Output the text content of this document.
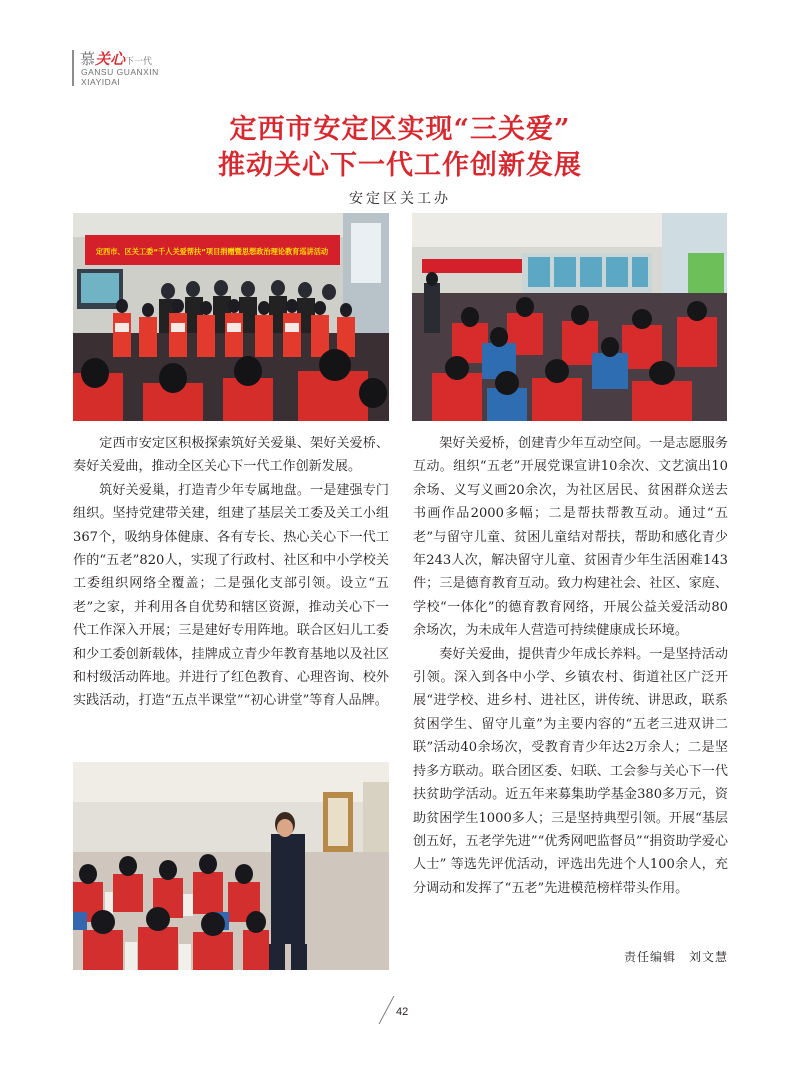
慕关心下一代
GANSU GUANXIN
XIAYIDAI
定西市安定区实现“三关爱”
推动关心下一代工作创新发展
安定区关工办
定西市、区关工委“千人关爱帮扶”项目捐赠暨思想政治理论教育巡讲活动

定西市安定区积极探索筑好关爱巢、架好关爱桥、奏好关爱曲，推动全区关心下一代工作创新发展。

筑好关爱巢，打造青少年专属地盘。一是建强专门组织。坚持党建带关建，组建了基层关工委及关工小组367个，吸纳身体健康、各有专长、热心关心下一代工作的“五老”820人，实现了行政村、社区和中小学校关工委组织网络全覆盖；二是强化支部引领。设立“五老”之家，并利用各自优势和辖区资源，推动关心下一代工作深入开展；三是建好专用阵地。联合区妇儿工委和少工委创新载体，挂牌成立青少年教育基地以及社区和村级活动阵地。并进行了红色教育、心理咨询、校外实践活动，打造“五点半课堂”“初心讲堂”等育人品牌。

架好关爱桥，创建青少年互动空间。一是志愿服务互动。组织“五老”开展党课宣讲10余次、文艺演出10余场、义写义画20余次，为社区居民、贫困群众送去书画作品2000多幅；二是帮扶帮教互动。通过“五老”与留守儿童、贫困儿童结对帮扶，帮助和感化青少年243人次，解决留守儿童、贫困青少年生活困难143件；三是德育教育互动。致力构建社会、社区、家庭、学校“一体化”的德育教育网络，开展公益关爱活动80余场次，为未成年人营造可持续健康成长环境。

奏好关爱曲，提供青少年成长养料。一是坚持活动引领。深入到各中小学、乡镇农村、街道社区广泛开展“进学校、进乡村、进社区，讲传统、讲思政，联系贫困学生、留守儿童”为主要内容的“五老三进双讲二联”活动40余场次，受教育青少年达2万余人；二是坚持多方联动。联合团区委、妇联、工会参与关心下一代扶贫助学活动。近五年来募集助学基金380多万元，资助贫困学生1000多人；三是坚持典型引领。开展“基层创五好，五老学先进”“优秀网吧监督员”“捐资助学爱心人士” 等选先评优活动，评选出先进个人100余人，充分调动和发挥了“五老”先进模范榜样带头作用。

责任编辑　刘文慧
42
